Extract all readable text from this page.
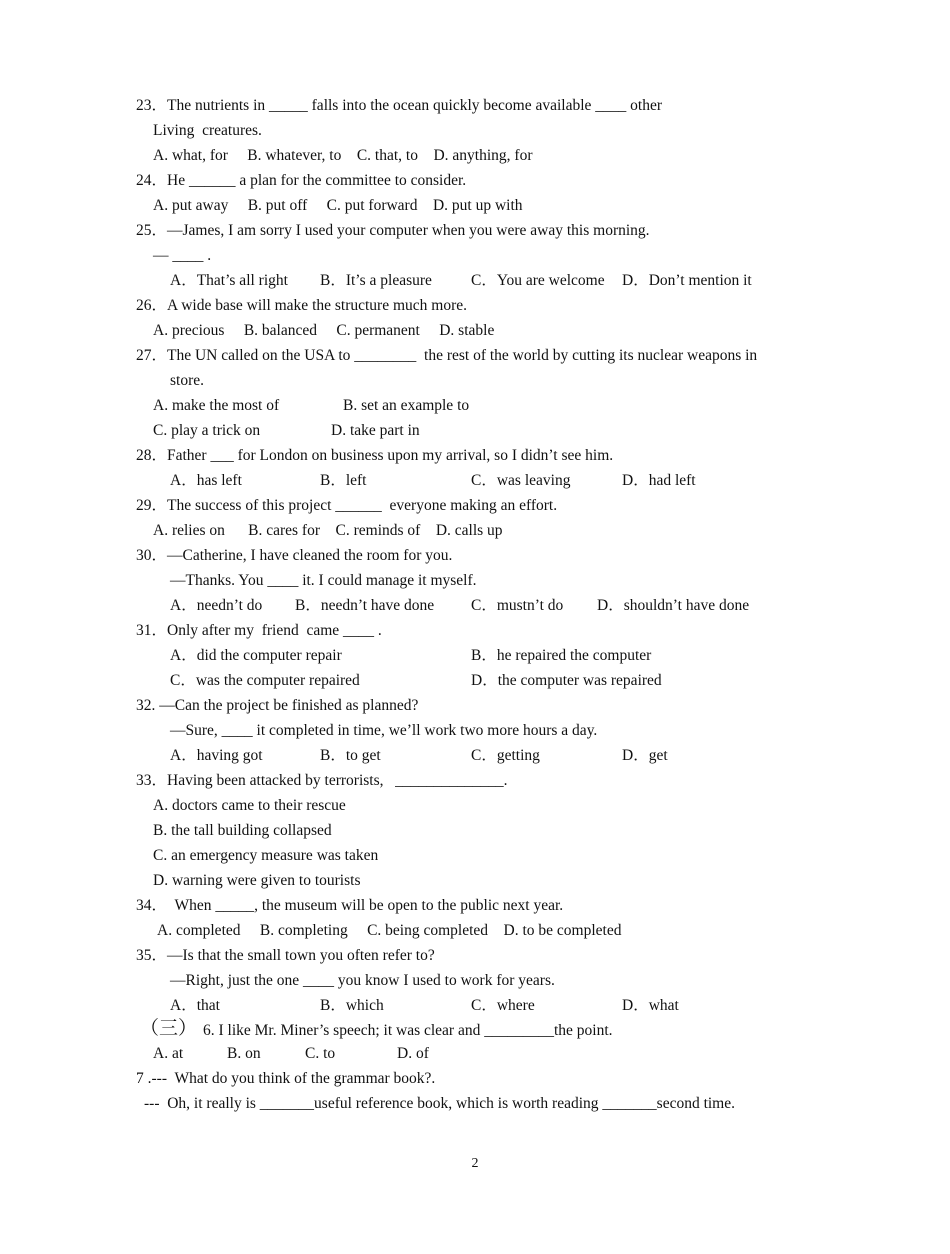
23．The nutrients in _____ falls into the ocean quickly become available ____ other
Living  creatures.
A. what, for     B. whatever, to    C. that, to    D. anything, for
24．He ______ a plan for the committee to consider.
A. put away     B. put off     C. put forward    D. put up with
25．—James, I am sorry I used your computer when you were away this morning.
— ____ .
A．That’s all right B．It’s a pleasure	C．You are welcome D．Don’t mention it
26．A wide base will make the structure much more.
A. precious     B. balanced     C. permanent     D. stable
27．The UN called on the USA to ________  the rest of the world by cutting its nuclear weapons in
store.
A. make the most of	B. set an example to
C. play a trick on	D. take part in
28．Father ___ for London on business upon my arrival, so I didn’t see him.
A．has left	B．left	C．was leaving	D．had left
29．The success of this project ______  everyone making an effort.
A. relies on      B. cares for    C. reminds of    D. calls up
30．—Catherine, I have cleaned the room for you.
—Thanks. You ____ it. I could manage it myself.
A．needn’t do B．needn’t have done C．mustn’t do D．shouldn’t have done
31．Only after my  friend  came ____ .
A．did the computer repair	B．he repaired the computer
C．was the computer repaired	D．the computer was repaired
32. —Can the project be finished as planned?
—Sure, ____ it completed in time, we’ll work two more hours a day.
A．having got	B．to get	C．getting	D．get
33．Having been attacked by terrorists,   ______________.
A. doctors came to their rescue
B. the tall building collapsed
C. an emergency measure was taken
D. warning were given to tourists
34．  When _____, the museum will be open to the public next year.
A. completed     B. completing     C. being completed    D. to be completed
35．—Is that the small town you often refer to?
—Right, just the one ____ you know I used to work for years.
A．that	B．which	C．where	D．what
（三） 6. I like Mr. Miner’s speech; it was clear and _________the point.
A. at	B. on	C. to	D. of
7 .---  What do you think of the grammar book?.
---  Oh, it really is _______useful reference book, which is worth reading _______second time.
2
